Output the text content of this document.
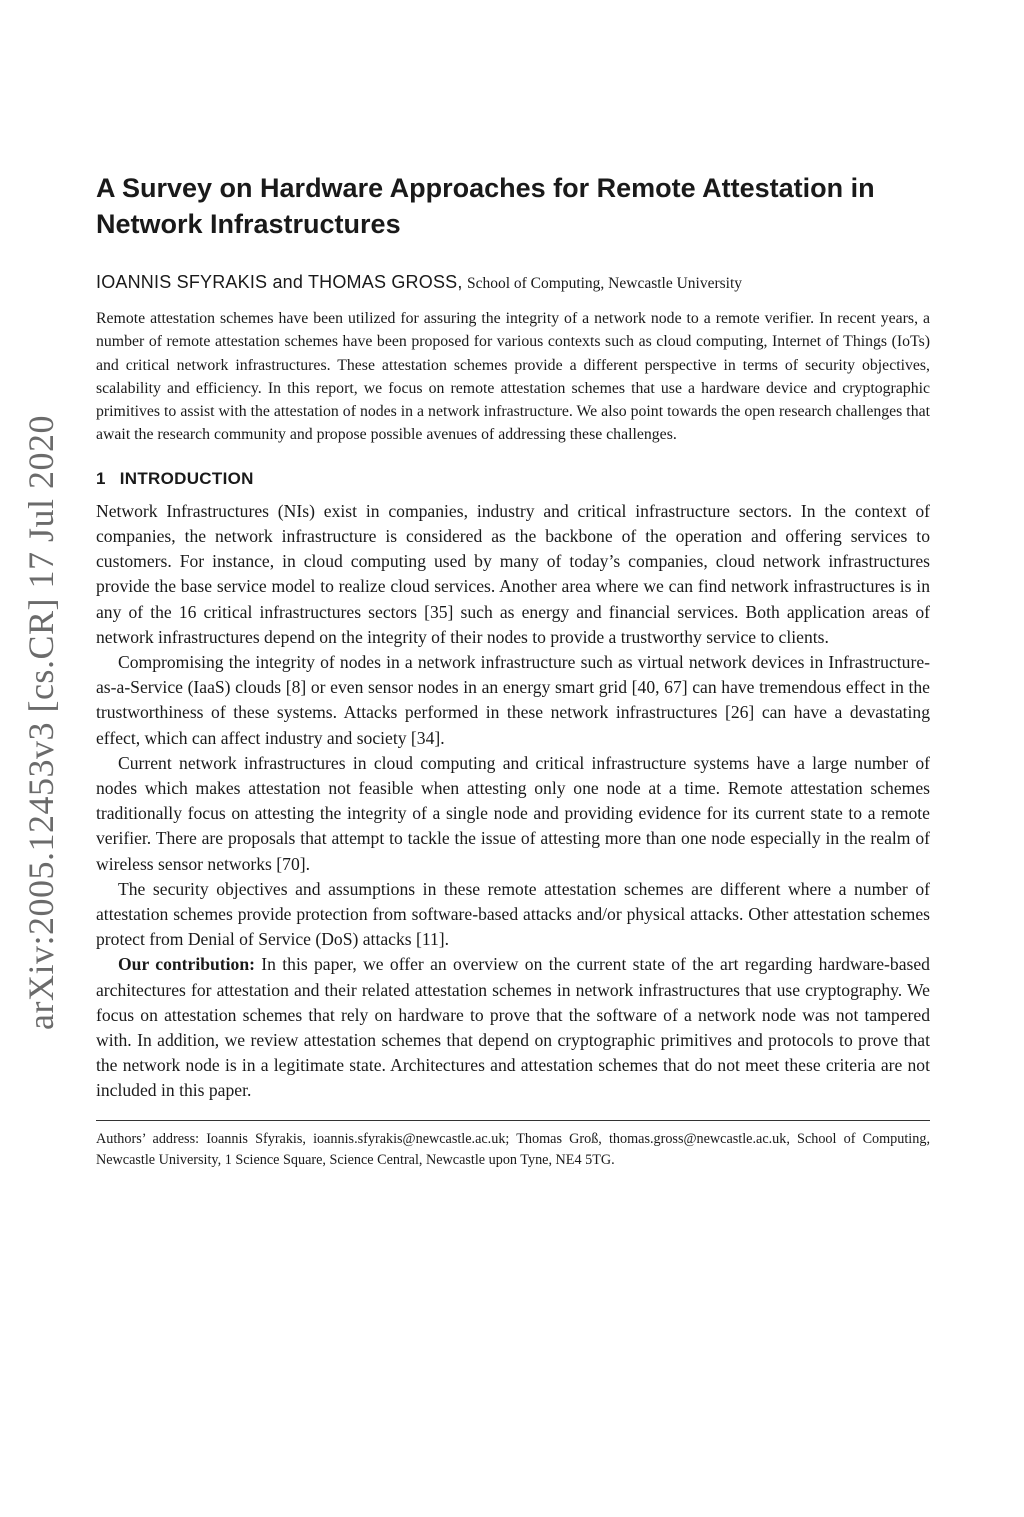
arXiv:2005.12453v3 [cs.CR] 17 Jul 2020
A Survey on Hardware Approaches for Remote Attestation in Network Infrastructures
IOANNIS SFYRAKIS and THOMAS GROSS, School of Computing, Newcastle University

Remote attestation schemes have been utilized for assuring the integrity of a network node to a remote verifier. In recent years, a number of remote attestation schemes have been proposed for various contexts such as cloud computing, Internet of Things (IoTs) and critical network infrastructures. These attestation schemes provide a different perspective in terms of security objectives, scalability and efficiency. In this report, we focus on remote attestation schemes that use a hardware device and cryptographic primitives to assist with the attestation of nodes in a network infrastructure. We also point towards the open research challenges that await the research community and propose possible avenues of addressing these challenges.

1 INTRODUCTION

Network Infrastructures (NIs) exist in companies, industry and critical infrastructure sectors. In the context of companies, the network infrastructure is considered as the backbone of the operation and offering services to customers. For instance, in cloud computing used by many of today’s companies, cloud network infrastructures provide the base service model to realize cloud services. Another area where we can find network infrastructures is in any of the 16 critical infrastructures sectors [35] such as energy and financial services. Both application areas of network infrastructures depend on the integrity of their nodes to provide a trustworthy service to clients.

Compromising the integrity of nodes in a network infrastructure such as virtual network devices in Infrastructure-as-a-Service (IaaS) clouds [8] or even sensor nodes in an energy smart grid [40, 67] can have tremendous effect in the trustworthiness of these systems. Attacks performed in these network infrastructures [26] can have a devastating effect, which can affect industry and society [34].

Current network infrastructures in cloud computing and critical infrastructure systems have a large number of nodes which makes attestation not feasible when attesting only one node at a time. Remote attestation schemes traditionally focus on attesting the integrity of a single node and providing evidence for its current state to a remote verifier. There are proposals that attempt to tackle the issue of attesting more than one node especially in the realm of wireless sensor networks [70].

The security objectives and assumptions in these remote attestation schemes are different where a number of attestation schemes provide protection from software-based attacks and/or physical attacks. Other attestation schemes protect from Denial of Service (DoS) attacks [11].

Our contribution: In this paper, we offer an overview on the current state of the art regarding hardware-based architectures for attestation and their related attestation schemes in network infrastructures that use cryptography. We focus on attestation schemes that rely on hardware to prove that the software of a network node was not tampered with. In addition, we review attestation schemes that depend on cryptographic primitives and protocols to prove that the network node is in a legitimate state. Architectures and attestation schemes that do not meet these criteria are not included in this paper.

Authors’ address: Ioannis Sfyrakis, ioannis.sfyrakis@newcastle.ac.uk; Thomas Groß, thomas.gross@newcastle.ac.uk, School of Computing, Newcastle University, 1 Science Square, Science Central, Newcastle upon Tyne, NE4 5TG.
